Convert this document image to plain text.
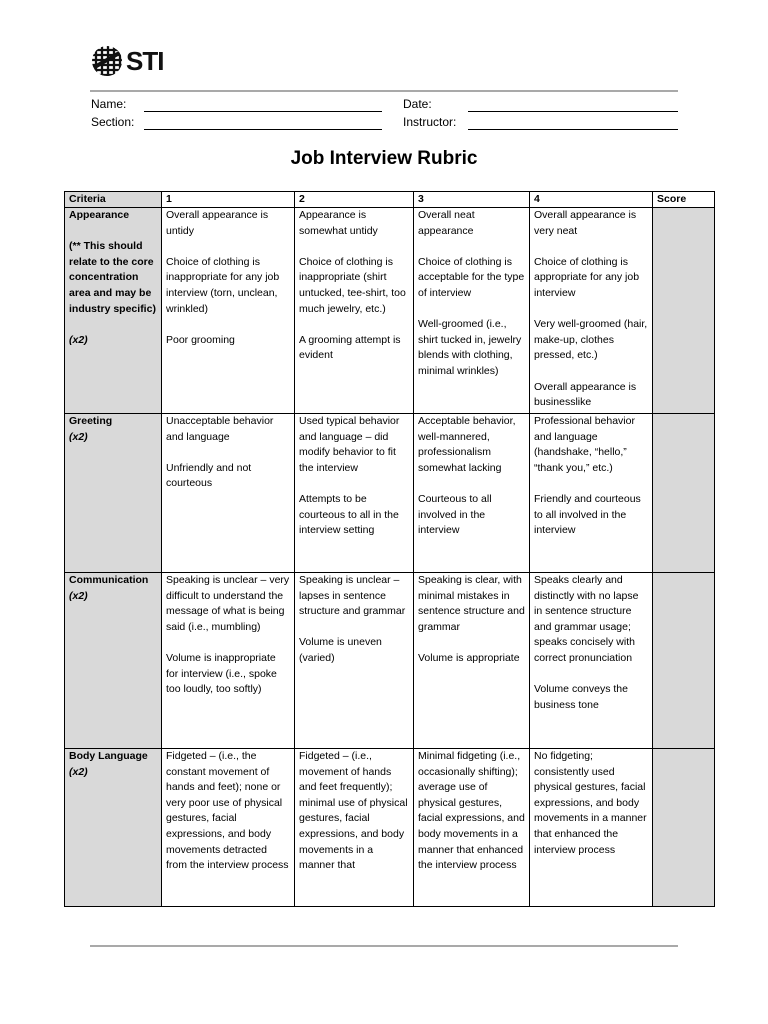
STI
Name:
Section:
Date:
Instructor:
Job Interview Rubric
Criteria	1	2	3	4	Score

Appearance
(** This should relate to the core concentration area and may be industry specific)
(x2)	Overall appearance is untidy
Choice of clothing is inappropriate for any job interview (torn, unclean, wrinkled)
Poor grooming	Appearance is somewhat untidy
Choice of clothing is inappropriate (shirt untucked, tee-shirt, too much jewelry, etc.)
A grooming attempt is evident	Overall neat appearance
Choice of clothing is acceptable for the type of interview
Well-groomed (i.e., shirt tucked in, jewelry blends with clothing, minimal wrinkles)	Overall appearance is very neat
Choice of clothing is appropriate for any job interview
Very well-groomed (hair, make-up, clothes pressed, etc.)
Overall appearance is businesslike	

Greeting
(x2)	Unacceptable behavior and language
Unfriendly and not courteous	Used typical behavior and language – did modify behavior to fit the interview
Attempts to be courteous to all in the interview setting	Acceptable behavior, well-mannered, professionalism somewhat lacking
Courteous to all involved in the interview	Professional behavior and language (handshake, “hello,” “thank you,” etc.)
Friendly and courteous to all involved in the interview	

Communication
(x2)	Speaking is unclear – very difficult to understand the message of what is being said (i.e., mumbling)
Volume is inappropriate for interview (i.e., spoke too loudly, too softly)	Speaking is unclear – lapses in sentence structure and grammar
Volume is uneven (varied)	Speaking is clear, with minimal mistakes in sentence structure and grammar
Volume is appropriate	Speaks clearly and distinctly with no lapse in sentence structure and grammar usage; speaks concisely with correct pronunciation
Volume conveys the business tone	

Body Language
(x2)	Fidgeted – (i.e., the constant movement of hands and feet); none or very poor use of physical gestures, facial expressions, and body movements detracted from the interview process	Fidgeted – (i.e., movement of hands and feet frequently); minimal use of physical gestures, facial expressions, and body movements in a manner that	Minimal fidgeting (i.e., occasionally shifting); average use of physical gestures, facial expressions, and body movements in a manner that enhanced the interview process	No fidgeting; consistently used physical gestures, facial expressions, and body movements in a manner that enhanced the interview process	
